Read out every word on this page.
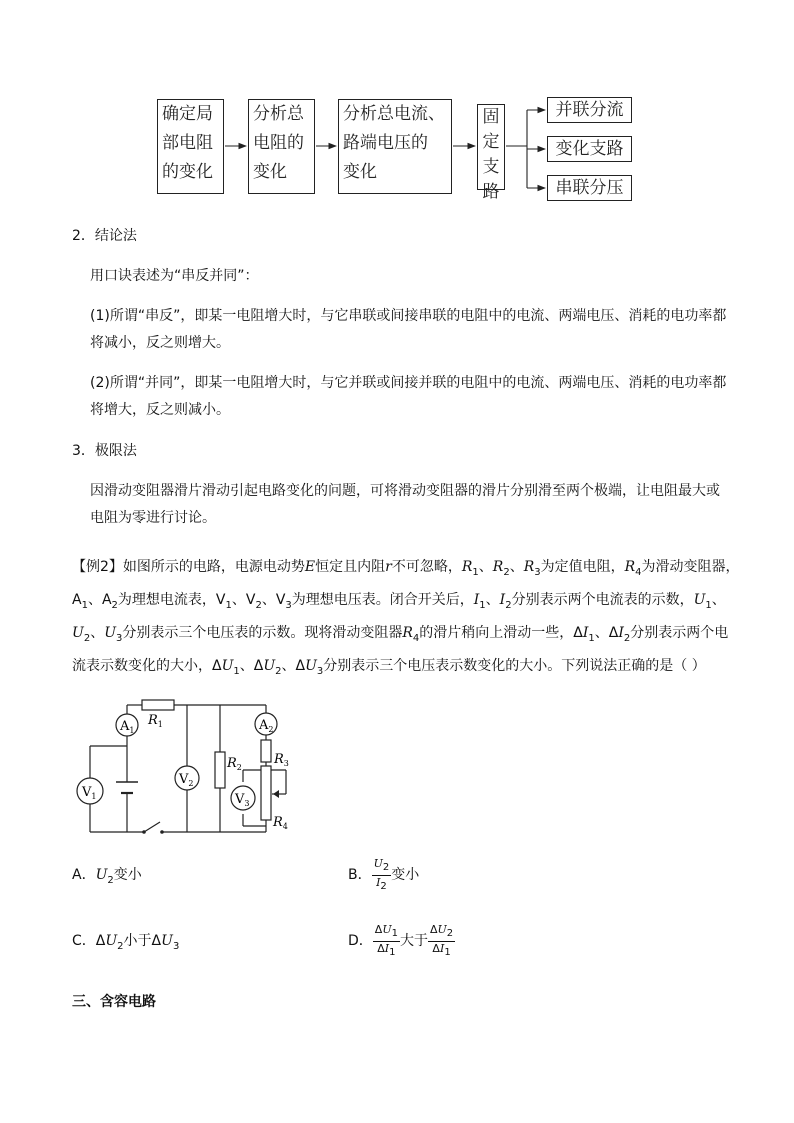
确定局
部电阻
的变化
分析总
电阻的
变化
分析总电流、
路端电压的
变化
固
定
支
路
并联分流
变化支路
串联分压
2．结论法
用口诀表述为“串反并同”：
(1)所谓“串反”，即某一电阻增大时，与它串联或间接串联的电阻中的电流、两端电压、消耗的电功率都
将减小，反之则增大。
(2)所谓“并同”，即某一电阻增大时，与它并联或间接并联的电阻中的电流、两端电压、消耗的电功率都
将增大，反之则减小。
3．极限法
因滑动变阻器滑片滑动引起电路变化的问题，可将滑动变阻器的滑片分别滑至两个极端，让电阻最大或
电阻为零进行讨论。
【例2】如图所示的电路，电源电动势E恒定且内阻r不可忽略，$R_1$、$R_2$、$R_3$为定值电阻，$R_4$为滑动变阻器，
$A_1$、$A_2$为理想电流表，$V_1$、$V_2$、$V_3$为理想电压表。闭合开关后，$I_1$、$I_2$分别表示两个电流表的示数，$U_1$、
$U_2$、$U_3$分别表示三个电压表的示数。现将滑动变阻器$R_4$的滑片稍向上滑动一些，$\Delta I_1$、$\Delta I_2$分别表示两个电
流表示数变化的大小，$\Delta U_1$、$\Delta U_2$、$\Delta U_3$分别表示三个电压表示数变化的大小。下列说法正确的是（ ）
$A_1$	$A_2$
$V_1$
$V_2$
$V_3$
$R_1$
$R_2$
$R_3$
$R_4$
A．$U_2$变小	B． $\frac{U_2}{I_2}$ 变小
C．$\Delta U_2$小于$\Delta U_3$	D． $\frac{\Delta U_1}{\Delta I_1}$ 大于 $\frac{\Delta U_2}{\Delta I_1}$
三、含容电路
